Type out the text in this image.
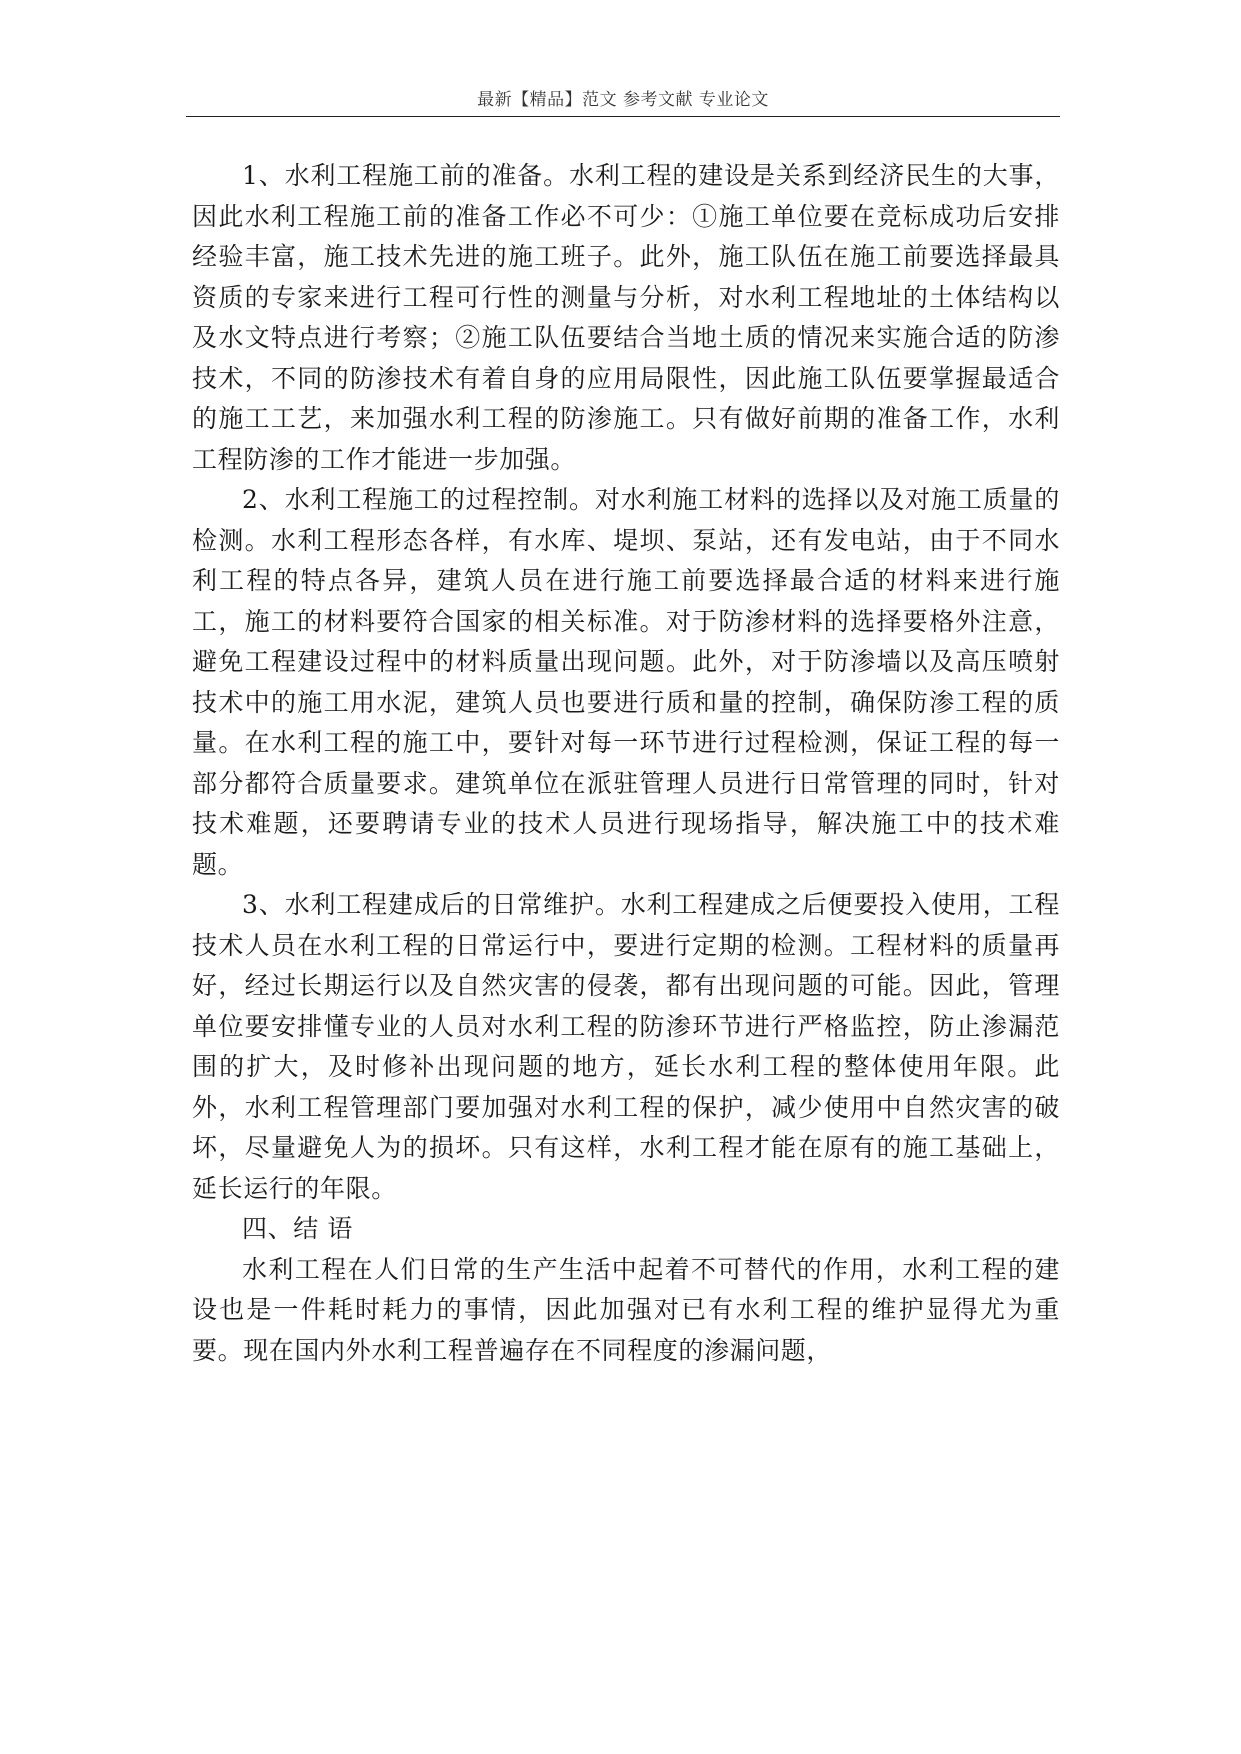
最新【精品】范文 参考文献 专业论文

1、水利工程施工前的准备。水利工程的建设是关系到经济民生的大事，因此水利工程施工前的准备工作必不可少：①施工单位要在竞标成功后安排经验丰富，施工技术先进的施工班子。此外，施工队伍在施工前要选择最具资质的专家来进行工程可行性的测量与分析，对水利工程地址的土体结构以及水文特点进行考察；②施工队伍要结合当地土质的情况来实施合适的防渗技术，不同的防渗技术有着自身的应用局限性，因此施工队伍要掌握最适合的施工工艺，来加强水利工程的防渗施工。只有做好前期的准备工作，水利工程防渗的工作才能进一步加强。

2、水利工程施工的过程控制。对水利施工材料的选择以及对施工质量的检测。水利工程形态各样，有水库、堤坝、泵站，还有发电站，由于不同水利工程的特点各异，建筑人员在进行施工前要选择最合适的材料来进行施工，施工的材料要符合国家的相关标准。对于防渗材料的选择要格外注意，避免工程建设过程中的材料质量出现问题。此外，对于防渗墙以及高压喷射技术中的施工用水泥，建筑人员也要进行质和量的控制，确保防渗工程的质量。在水利工程的施工中，要针对每一环节进行过程检测，保证工程的每一部分都符合质量要求。建筑单位在派驻管理人员进行日常管理的同时，针对技术难题，还要聘请专业的技术人员进行现场指导，解决施工中的技术难题。

3、水利工程建成后的日常维护。水利工程建成之后便要投入使用，工程技术人员在水利工程的日常运行中，要进行定期的检测。工程材料的质量再好，经过长期运行以及自然灾害的侵袭，都有出现问题的可能。因此，管理单位要安排懂专业的人员对水利工程的防渗环节进行严格监控，防止渗漏范围的扩大，及时修补出现问题的地方，延长水利工程的整体使用年限。此外，水利工程管理部门要加强对水利工程的保护，减少使用中自然灾害的破坏，尽量避免人为的损坏。只有这样，水利工程才能在原有的施工基础上，延长运行的年限。

四、结 语

水利工程在人们日常的生产生活中起着不可替代的作用，水利工程的建设也是一件耗时耗力的事情，因此加强对已有水利工程的维护显得尤为重要。现在国内外水利工程普遍存在不同程度的渗漏问题，
